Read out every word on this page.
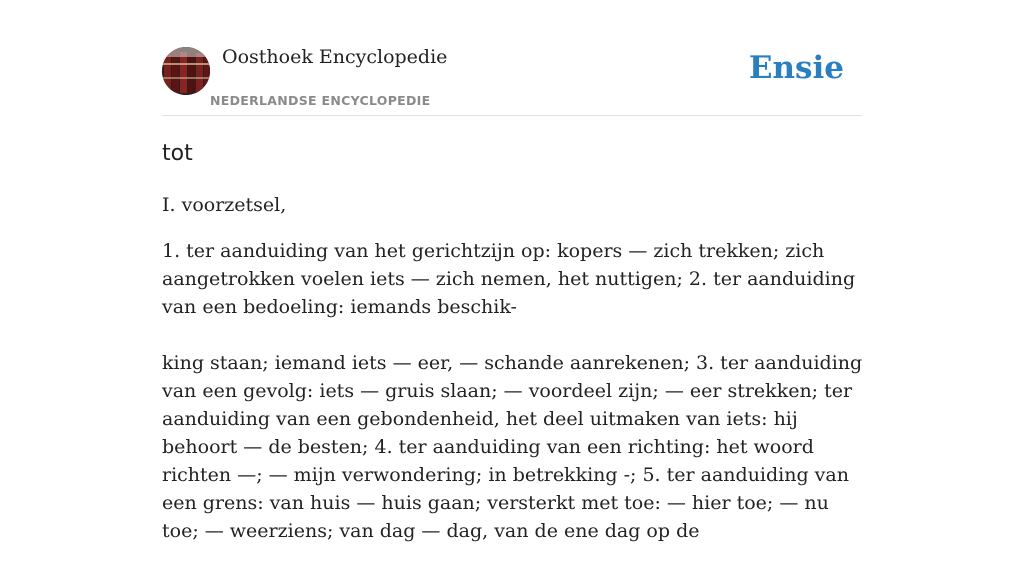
Oosthoek Encyclopedie
NEDERLANDSE ENCYCLOPEDIE
Ensie
tot

I. voorzetsel,

1. ter aanduiding van het gerichtzijn op: kopers — zich trekken; zich aangetrokken voelen iets — zich nemen, het nuttigen; 2. ter aanduiding van een bedoeling: iemands beschik-

king staan; iemand iets — eer, — schande aanrekenen; 3. ter aanduiding van een gevolg: iets — gruis slaan; — voordeel zijn; — eer strekken; ter aanduiding van een gebondenheid, het deel uitmaken van iets: hij behoort — de besten; 4. ter aanduiding van een richting: het woord richten —; — mijn verwondering; in betrekking -; 5. ter aanduiding van een grens: van huis — huis gaan; versterkt met toe: — hier toe; — nu toe; — weerziens; van dag — dag, van de ene dag op de
